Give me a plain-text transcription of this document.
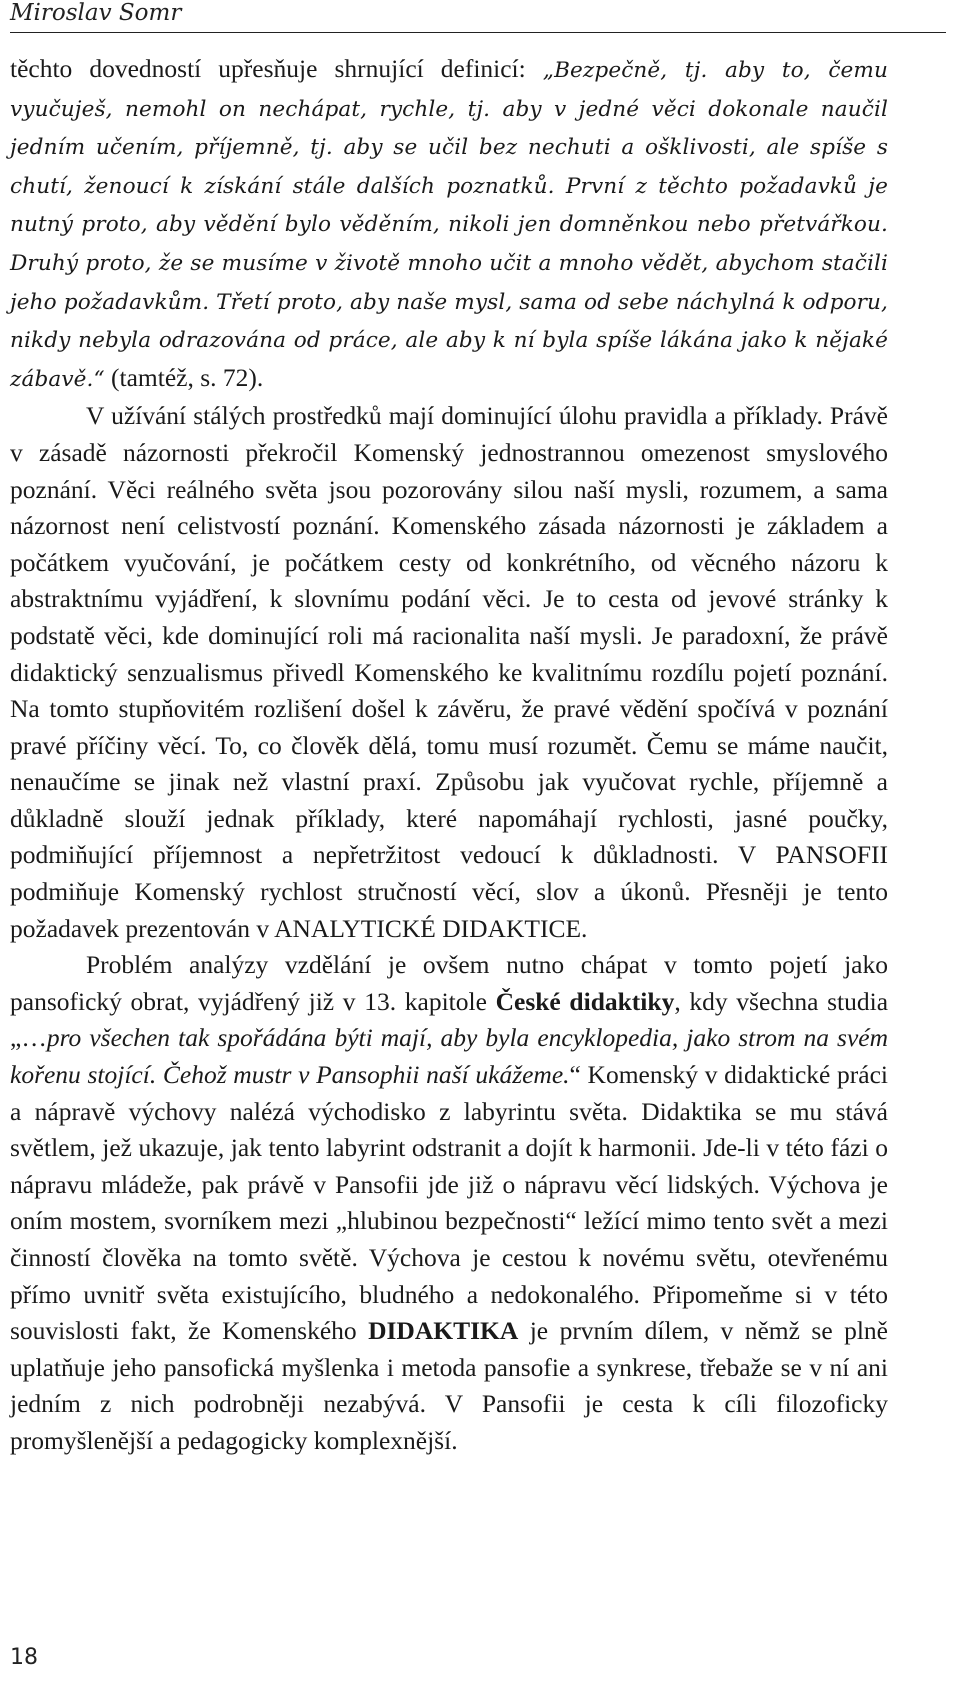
Miroslav Somr

těchto dovedností upřesňuje shrnující definicí: „Bezpečně, tj. aby to, čemu vyučuješ, nemohl on nechápat, rychle, tj. aby v jedné věci dokonale naučil jedním učením, příjemně, tj. aby se učil bez nechuti a ošklivosti, ale spíše s chutí, ženoucí k získání stále dalších poznatků. První z těchto požadavků je nutný proto, aby vědění bylo věděním, nikoli jen domněnkou nebo přetvářkou. Druhý proto, že se musíme v životě mnoho učit a mnoho vědět, abychom stačili jeho požadavkům. Třetí proto, aby naše mysl, sama od sebe náchylná k odporu, nikdy nebyla odrazována od práce, ale aby k ní byla spíše lákána jako k nějaké zábavě.“ (tamtéž, s. 72).

V užívání stálých prostředků mají dominující úlohu pravidla a příklady. Právě v zásadě názornosti překročil Komenský jednostrannou omezenost smyslového poznání. Věci reálného světa jsou pozorovány silou naší mysli, rozumem, a sama názornost není celistvostí poznání. Komenského zásada názornosti je základem a počátkem vyučování, je počátkem cesty od konkrétního, od věcného názoru k abstraktnímu vyjádření, k slovnímu podání věci. Je to cesta od jevové stránky k podstatě věci, kde dominující roli má racionalita naší mysli. Je paradoxní, že právě didaktický senzualismus přivedl Komenského ke kvalitnímu rozdílu pojetí poznání. Na tomto stupňovitém rozlišení došel k závěru, že pravé vědění spočívá v poznání pravé příčiny věcí. To, co člověk dělá, tomu musí rozumět. Čemu se máme naučit, nenaučíme se jinak než vlastní praxí. Způsobu jak vyučovat rychle, příjemně a důkladně slouží jednak příklady, které napomáhají rychlosti, jasné poučky, podmiňující příjemnost a nepřetržitost vedoucí k důkladnosti. V PANSOFII podmiňuje Komenský rychlost stručností věcí, slov a úkonů. Přesněji je tento požadavek prezentován v ANALYTICKÉ DIDAKTICE.

Problém analýzy vzdělání je ovšem nutno chápat v tomto pojetí jako pansofický obrat, vyjádřený již v 13. kapitole České didaktiky, kdy všechna studia „…pro všechen tak spořádána býti mají, aby byla encyklopedia, jako strom na svém kořenu stojící. Čehož mustr v Pansophii naší ukážeme.“ Komenský v didaktické práci a nápravě výchovy nalézá východisko z labyrintu světa. Didaktika se mu stává světlem, jež ukazuje, jak tento labyrint odstranit a dojít k harmonii. Jde-li v této fázi o nápravu mládeže, pak právě v Pansofii jde již o nápravu věcí lidských. Výchova je oním mostem, svorníkem mezi „hlubinou bezpečnosti“ ležící mimo tento svět a mezi činností člověka na tomto světě. Výchova je cestou k novému světu, otevřenému přímo uvnitř světa existujícího, bludného a nedokonalého. Připomeňme si v této souvislosti fakt, že Komenského DIDAKTIKA je prvním dílem, v němž se plně uplatňuje jeho pansofická myšlenka i metoda pansofie a synkrese, třebaže se v ní ani jedním z nich podrobněji nezabývá. V Pansofii je cesta k cíli filozoficky promyšlenější a pedagogicky komplexnější.

18
